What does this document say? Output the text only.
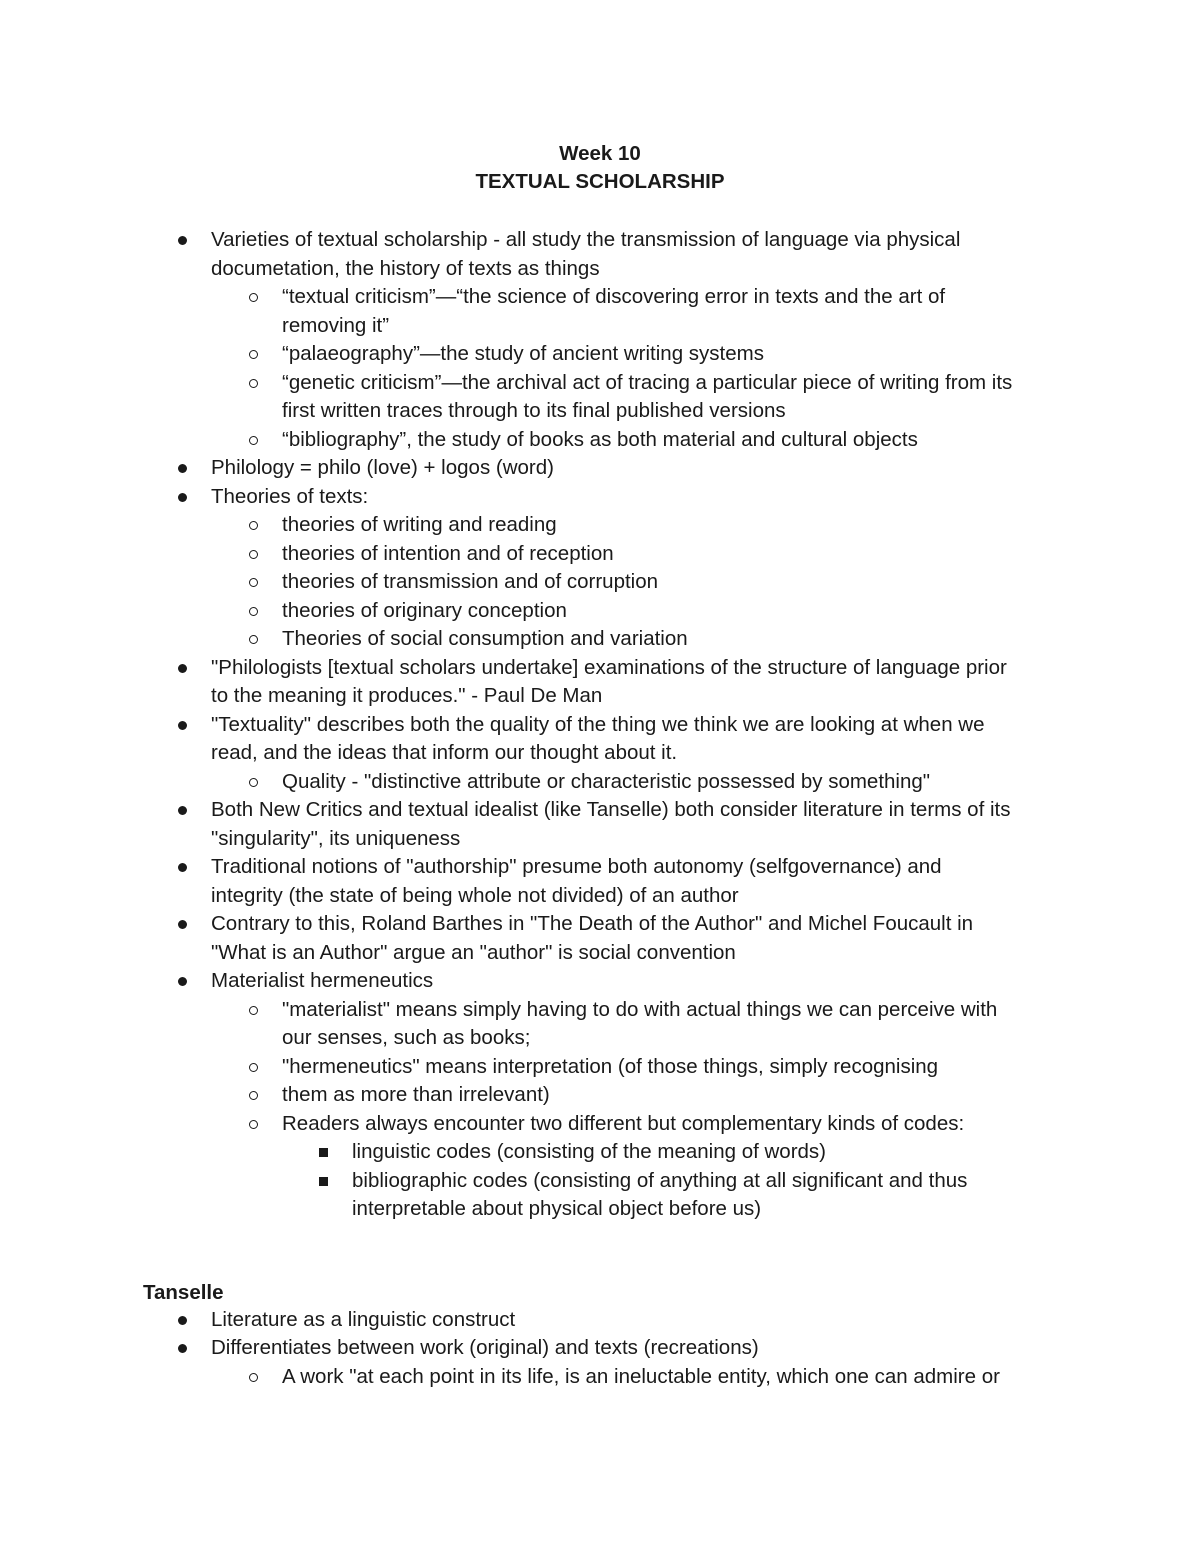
Week 10
TEXTUAL SCHOLARSHIP
Varieties of textual scholarship - all study the transmission of language via physical
documetation, the history of texts as things
“textual criticism”—“the science of discovering error in texts and the art of
removing it”
“palaeography”—the study of ancient writing systems
“genetic criticism”—the archival act of tracing a particular piece of writing from its
first written traces through to its final published versions
“bibliography”, the study of books as both material and cultural objects
Philology = philo (love) + logos (word)
Theories of texts:
theories of writing and reading
theories of intention and of reception
theories of transmission and of corruption
theories of originary conception
Theories of social consumption and variation
"Philologists [textual scholars undertake] examinations of the structure of language prior
to the meaning it produces." - Paul De Man
"Textuality" describes both the quality of the thing we think we are looking at when we
read, and the ideas that inform our thought about it.
Quality - "distinctive attribute or characteristic possessed by something"
Both New Critics and textual idealist (like Tanselle) both consider literature in terms of its
"singularity", its uniqueness
Traditional notions of "authorship" presume both autonomy (selfgovernance) and
integrity (the state of being whole not divided) of an author
Contrary to this, Roland Barthes in "The Death of the Author" and Michel Foucault in
"What is an Author" argue an "author" is social convention
Materialist hermeneutics
"materialist" means simply having to do with actual things we can perceive with
our senses, such as books;
"hermeneutics" means interpretation (of those things, simply recognising
them as more than irrelevant)
Readers always encounter two different but complementary kinds of codes:
linguistic codes (consisting of the meaning of words)
bibliographic codes (consisting of anything at all significant and thus
interpretable about physical object before us)
Tanselle
Literature as a linguistic construct
Differentiates between work (original) and texts (recreations)
A work "at each point in its life, is an ineluctable entity, which one can admire or
